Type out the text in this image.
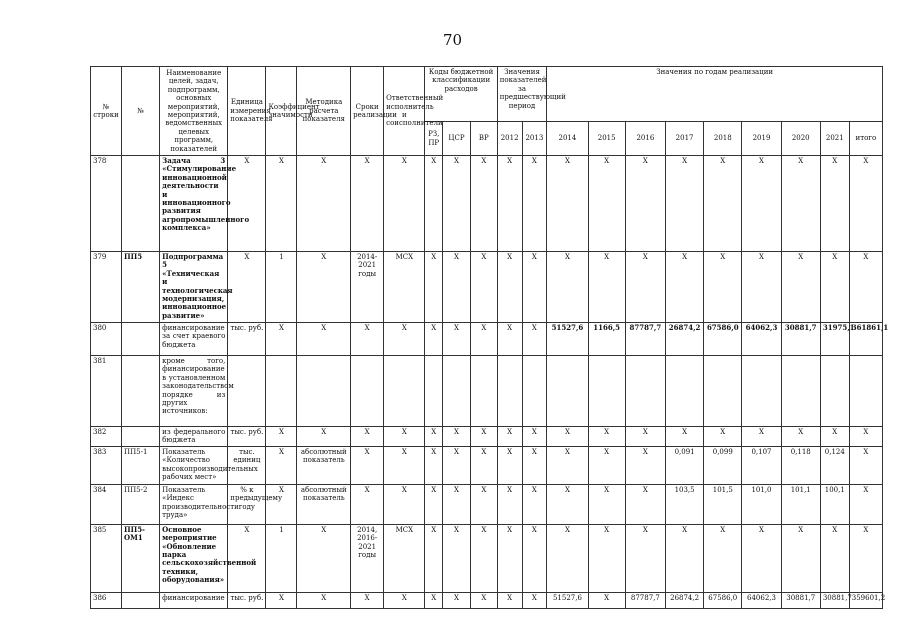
70
№ строки	№	Наименование целей, задач, подпрограмм, основных мероприятий, мероприятий, ведомственных целевых программ, показателей	Единица измерения показателя	Коэффициент значимости	Методика расчета показателя	Сроки реализации	Ответственный исполнитель и соисполнители	Коды бюджетной классификации расходов			Значения показателей за предшествующий период		Значения по годам реализации								
								РЗ, ПР	ЦСР	ВР	2012	2013	2014	2015	2016	2017	2018	2019	2020	2021	итого
378		Задача 3 «Стимулирование инновационной деятельности и инновационного развития агропромышленного комплекса»	X	X	X	X	X	X	X	X	X	X	X	X	X	X	X	X	X	X	X
379	ПП5	Подпрограмма 5 «Техническая и технологическая модернизация, инновационное развитие»	X	1	X	2014-2021 годы	МСХ	X	X	X	X	X	X	X	X	X	X	X	X	X	X
380		финансирование за счет краевого бюджета	тыс. руб.	X	X	X	X	X	X	X	X	X	51527,6	1166,5	87787,7	26874,2	67586,0	64062,3	30881,7	31975,1	361861,1
381		кроме того, финансирование в установленном законодательством порядке из других источников:																			
382		из федерального бюджета	тыс. руб.	X	X	X	X	X	X	X	X	X	X	X	X	X	X	X	X	X	X
383	ПП5-1	Показатель «Количество высокопроизводительных рабочих мест»	тыс. единиц	X	абсолютный показатель	X	X	X	X	X	X	X	X	X	X	0,091	0,099	0,107	0,118	0,124	X
384	ПП5-2	Показатель «Индекс производительности труда»	% к предыдущему году	X	абсолютный показатель	X	X	X	X	X	X	X	X	X	X	103,5	101,5	101,0	101,1	100,1	X
385	ПП5-ОМ1	Основное мероприятие «Обновление парка сельскохозяйственной техники, оборудования»	X	1	X	2014, 2016-2021 годы	МСХ	X	X	X	X	X	X	X	X	X	X	X	X	X	X
386		финансирование	тыс. руб.	X	X	X	X	X	X	X	X	X	51527,6	X	87787,7	26874,2	67586,0	64062,3	30881,7	30881,7	359601,2
